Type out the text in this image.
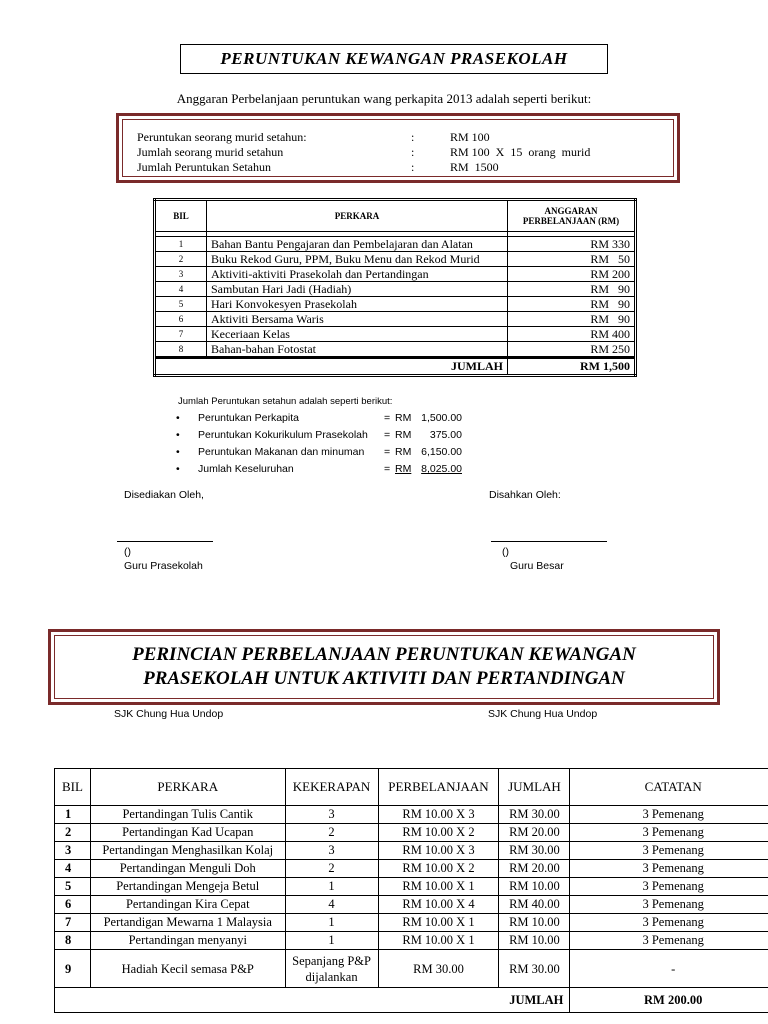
PERUNTUKAN KEWANGAN PRASEKOLAH
Anggaran Perbelanjaan peruntukan wang perkapita 2013 adalah seperti berikut:
Peruntukan seorang murid setahun:	:	RM 100
Jumlah seorang murid setahun	:	RM 100  X  15  orang  murid
Jumlah Peruntukan Setahun	:	RM  1500
BIL	PERKARA	ANGGARAN
PERBELANJAAN (RM)

1	Bahan Bantu Pengajaran dan Pembelajaran dan Alatan	RM 330
2	Buku Rekod Guru, PPM, Buku Menu dan Rekod Murid	RM   50
3	Aktiviti-aktiviti Prasekolah dan Pertandingan	RM 200
4	Sambutan Hari Jadi (Hadiah)	RM   90
5	Hari Konvokesyen Prasekolah	RM   90
6	Aktiviti Bersama Waris	RM   90
7	Keceriaan Kelas	RM 400
8	Bahan-bahan Fotostat	RM 250
JUMLAH		RM 1,500
Jumlah Peruntukan setahun adalah seperti berikut:
• Peruntukan Perkapita	= RM 1,500.00
• Peruntukan Kokurikulum Prasekolah = RM	375.00
• Peruntukan Makanan dan minuman = RM 6,150.00
• Jumlah Keseluruhan	= RM 8,025.00
Disediakan Oleh,	Disahkan Oleh:
()	()
Guru Prasekolah	Guru Besar
PERINCIAN PERBELANJAAN PERUNTUKAN KEWANGAN
PRASEKOLAH UNTUK AKTIVITI DAN PERTANDINGAN
SJK Chung Hua Undop	SJK Chung Hua Undop
BIL	PERKARA	KEKERAPAN	PERBELANJAAN	JUMLAH	CATATAN
1	Pertandingan Tulis Cantik	3	RM 10.00 X 3	RM 30.00	3 Pemenang
2	Pertandingan Kad Ucapan	2	RM 10.00 X 2	RM 20.00	3 Pemenang
3	Pertandingan Menghasilkan Kolaj	3	RM 10.00 X 3	RM 30.00	3 Pemenang
4	Pertandingan Menguli Doh	2	RM 10.00 X 2	RM 20.00	3 Pemenang
5	Pertandingan Mengeja Betul	1	RM 10.00 X 1	RM 10.00	3 Pemenang
6	Pertandingan Kira Cepat	4	RM 10.00 X 4	RM 40.00	3 Pemenang
7	Pertandigan Mewarna 1 Malaysia	1	RM 10.00 X 1	RM 10.00	3 Pemenang
8	Pertandingan menyanyi	1	RM 10.00 X 1	RM 10.00	3 Pemenang
9	Hadiah Kecil semasa P&P	Sepanjang P&P
dijalankan	RM 30.00	RM 30.00	-
JUMLAH					RM 200.00
